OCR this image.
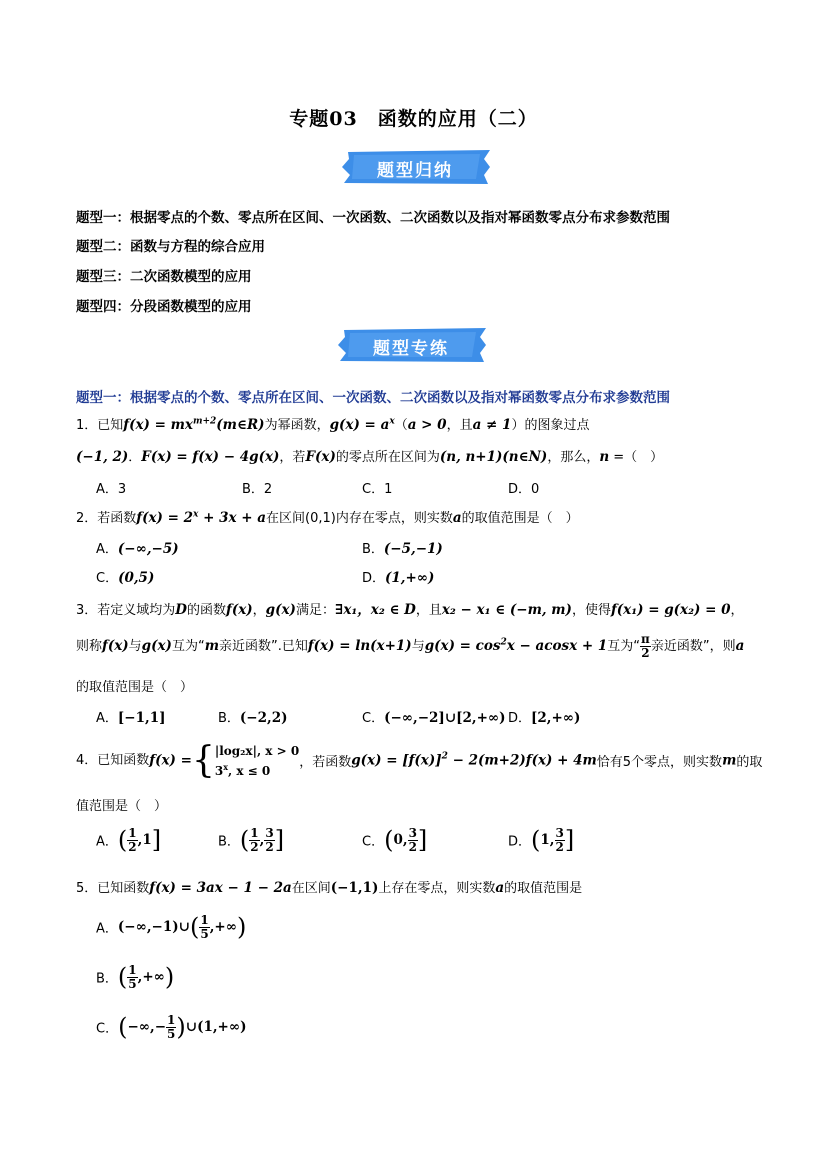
专题03　函数的应用（二）
题型归纳
题型一：根据零点的个数、零点所在区间、一次函数、二次函数以及指对幂函数零点分布求参数范围
题型二：函数与方程的综合应用
题型三：二次函数模型的应用
题型四：分段函数模型的应用
题型专练
题型一：根据零点的个数、零点所在区间、一次函数、二次函数以及指对幂函数零点分布求参数范围
1．已知$f(x) = mx^{m+2}(m\in R)$为幂函数，$g(x) = a^x(a > 0$，且a ≠ 1）的图象过点
(−1, 2)．F(x) = f(x) − 4g(x)，若F(x)的零点所在区间为(n, n+1)(n∈N)，那么，n =（　）
A．3	B．2	C．1	D．0
2．若函数$f(x) = 2^x + 3x + a$在区间(0,1)内存在零点，则实数a的取值范围是（　）
A．(−∞,−5)	B．(−5,−1)
C．(0,5)	D．(1,+∞)
3．若定义域均为D的函数f(x)，g(x)满足：∃x₁，x₂ ∈ D，且x₂ − x₁ ∈ (−m, m)，使得f(x₁) = g(x₂) = 0，
则称f(x)与g(x)互为“m亲近函数”.已知f(x) = ln(x+1)与$g(x) = \cos^2x - acosx + 1$互为“ $\frac{\pi}{2}$ 亲近函数”，则a
的取值范围是（　）
A．[−1,1]	B．(−2,2)	C．(−∞,−2]∪[2,+∞) D．[2,+∞)
4．已知函数f(x) ={ |log₂x|, x > 0
3$^x$, x ≤ 0
，若函数$g(x) = [f(x)]^2 - 2(m+2)f(x) + 4m$恰有5个零点，则实数m的取
值范围是（　）
A．( $\frac{1}{2} ,1$]	B．( $\frac{1}{2}$ , $\frac{3}{2}$ ]	C．(0, $\frac{3}{2}$ ]	D．(1, $\frac{3}{2}$ ]
5．已知函数f(x) = 3ax − 1 − 2a在区间(−1,1)上存在零点，则实数a的取值范围是
A．(−∞,−1)∪( $\frac{1}{5}$ ,+∞)
B．( $\frac{1}{5}$ ,+∞)
C．(−∞,− $\frac{1}{5}$ )∪(1,+∞)
